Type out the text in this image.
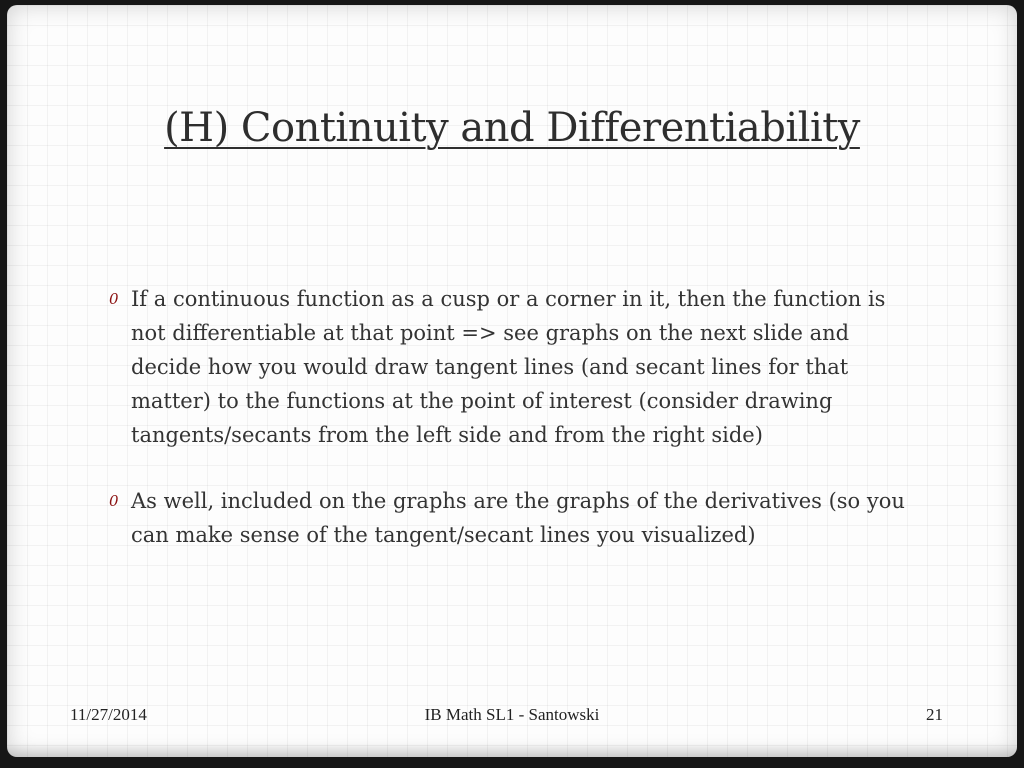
(H) Continuity and Differentiability

0 If a continuous function as a cusp or a corner in it, then the function is not differentiable at that point => see graphs on the next slide and decide how you would draw tangent lines (and secant lines for that matter) to the functions at the point of interest (consider drawing tangents/secants from the left side and from the right side)

0 As well, included on the graphs are the graphs of the derivatives (so you can make sense of the tangent/secant lines you visualized)

11/27/2014	IB Math SL1 - Santowski	21
